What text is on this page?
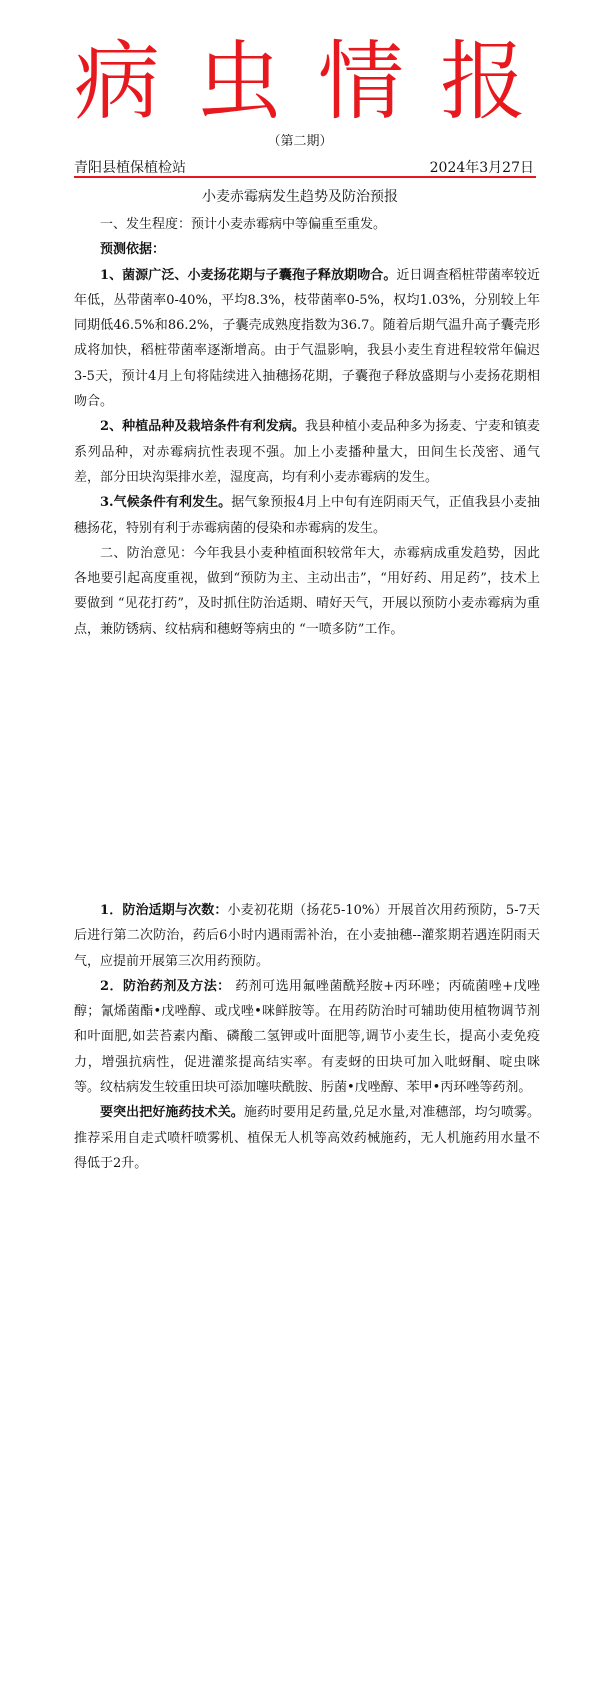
病虫情报
（第二期）
青阳县植保植检站	2024年3月27日
小麦赤霉病发生趋势及防治预报

一、发生程度：预计小麦赤霉病中等偏重至重发。

预测依据：

1、菌源广泛、小麦扬花期与子囊孢子释放期吻合。近日调查稻桩带菌率较近年低，丛带菌率0-40%，平均8.3%，枝带菌率0-5%，权均1.03%，分别较上年同期低46.5%和86.2%，子囊壳成熟度指数为36.7。随着后期气温升高子囊壳形成将加快，稻桩带菌率逐渐增高。由于气温影响，我县小麦生育进程较常年偏迟3-5天，预计4月上旬将陆续进入抽穗扬花期，子囊孢子释放盛期与小麦扬花期相吻合。

2、种植品种及栽培条件有利发病。我县种植小麦品种多为扬麦、宁麦和镇麦系列品种，对赤霉病抗性表现不强。加上小麦播种量大，田间生长茂密、通气差，部分田块沟渠排水差，湿度高，均有利小麦赤霉病的发生。

3.气候条件有利发生。据气象预报4月上中旬有连阴雨天气，正值我县小麦抽穗扬花，特别有利于赤霉病菌的侵染和赤霉病的发生。

二、防治意见：今年我县小麦种植面积较常年大，赤霉病成重发趋势，因此各地要引起高度重视，做到“预防为主、主动出击”，“用好药、用足药”，技术上要做到 “见花打药”，及时抓住防治适期、晴好天气，开展以预防小麦赤霉病为重点，兼防锈病、纹枯病和穗蚜等病虫的 “一喷多防”工作。

1．防治适期与次数：小麦初花期（扬花5-10%）开展首次用药预防，5-7天后进行第二次防治，药后6小时内遇雨需补治，在小麦抽穗--灌浆期若遇连阴雨天气，应提前开展第三次用药预防。

2．防治药剂及方法： 药剂可选用氟唑菌酰羟胺+丙环唑；丙硫菌唑+戊唑醇；氰烯菌酯•戊唑醇、或戊唑•咪鲜胺等。在用药防治时可辅助使用植物调节剂和叶面肥,如芸苔素内酯、磷酸二氢钾或叶面肥等,调节小麦生长，提高小麦免疫力，增强抗病性，促进灌浆提高结实率。有麦蚜的田块可加入吡蚜酮、啶虫咪等。纹枯病发生较重田块可添加噻呋酰胺、肟菌•戊唑醇、苯甲•丙环唑等药剂。

要突出把好施药技术关。施药时要用足药量,兑足水量,对准穗部，均匀喷雾。推荐采用自走式喷杆喷雾机、植保无人机等高效药械施药，无人机施药用水量不得低于2升。
